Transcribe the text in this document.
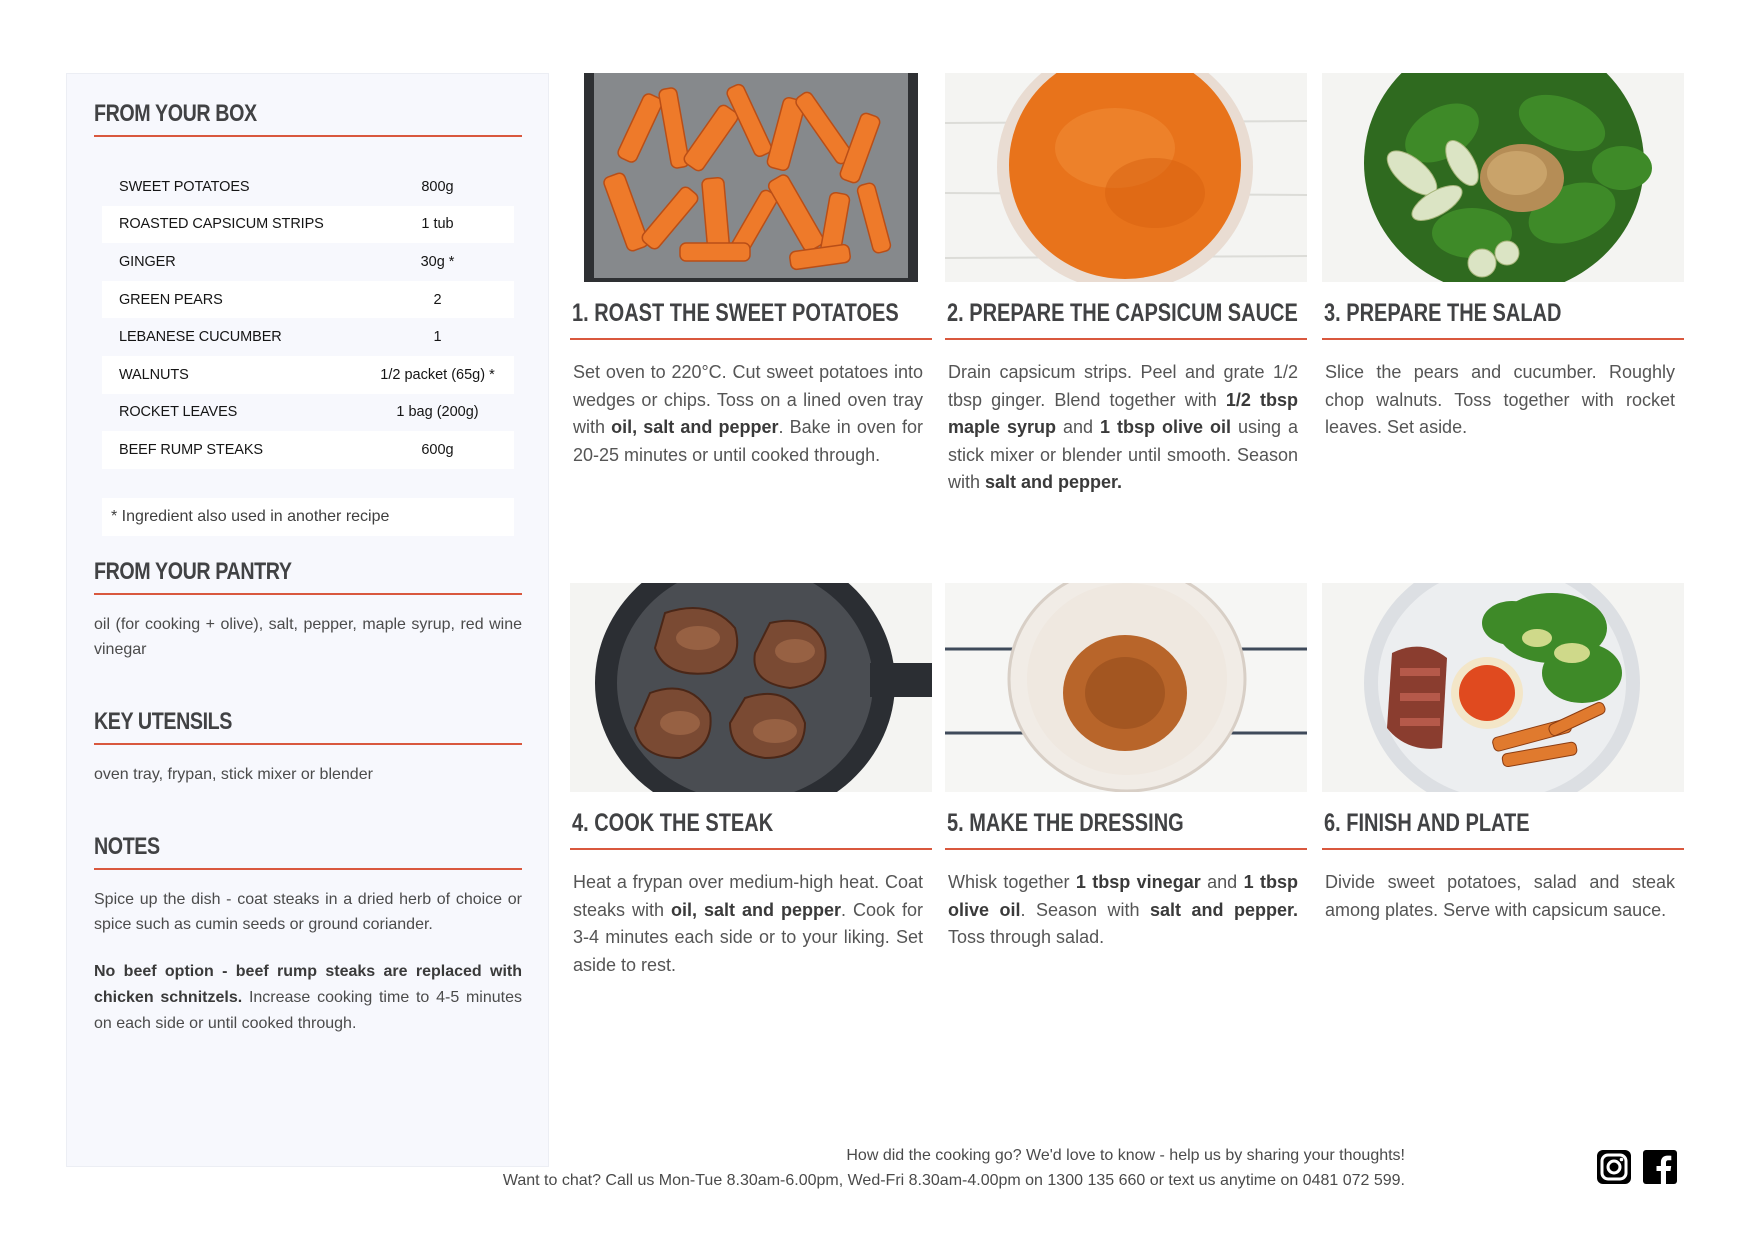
FROM YOUR BOX
SWEET POTATOES	800g
ROASTED CAPSICUM STRIPS	1 tub
GINGER	30g *
GREEN PEARS	2
LEBANESE CUCUMBER	1
WALNUTS	1/2 packet (65g) *
ROCKET LEAVES	1 bag (200g)
BEEF RUMP STEAKS	600g
* Ingredient also used in another recipe
FROM YOUR PANTRY

oil (for cooking + olive), salt, pepper, maple syrup, red wine vinegar

KEY UTENSILS

oven tray, frypan, stick mixer or blender

NOTES

Spice up the dish - coat steaks in a dried herb of choice or spice such as cumin seeds or ground coriander.

No beef option - beef rump steaks are replaced with chicken schnitzels. Increase cooking time to 4-5 minutes on each side or until cooked through.

1. ROAST THE SWEET POTATOES

Set oven to 220°C. Cut sweet potatoes into wedges or chips. Toss on a lined oven tray with oil, salt and pepper. Bake in oven for 20-25 minutes or until cooked through.

2. PREPARE THE CAPSICUM SAUCE

Drain capsicum strips. Peel and grate 1/2 tbsp ginger. Blend together with 1/2 tbsp maple syrup and 1 tbsp olive oil using a stick mixer or blender until smooth. Season with salt and pepper.

3. PREPARE THE SALAD

Slice the pears and cucumber. Roughly chop walnuts. Toss together with rocket leaves. Set aside.

4. COOK THE STEAK

Heat a frypan over medium-high heat. Coat steaks with oil, salt and pepper. Cook for 3-4 minutes each side or to your liking. Set aside to rest.

5. MAKE THE DRESSING

Whisk together 1 tbsp vinegar and 1 tbsp olive oil. Season with salt and pepper. Toss through salad.

6. FINISH AND PLATE

Divide sweet potatoes, salad and steak among plates. Serve with capsicum sauce.

How did the cooking go? We'd love to know - help us by sharing your thoughts!
Want to chat? Call us Mon-Tue 8.30am-6.00pm, Wed-Fri 8.30am-4.00pm on 1300 135 660 or text us anytime on 0481 072 599.
